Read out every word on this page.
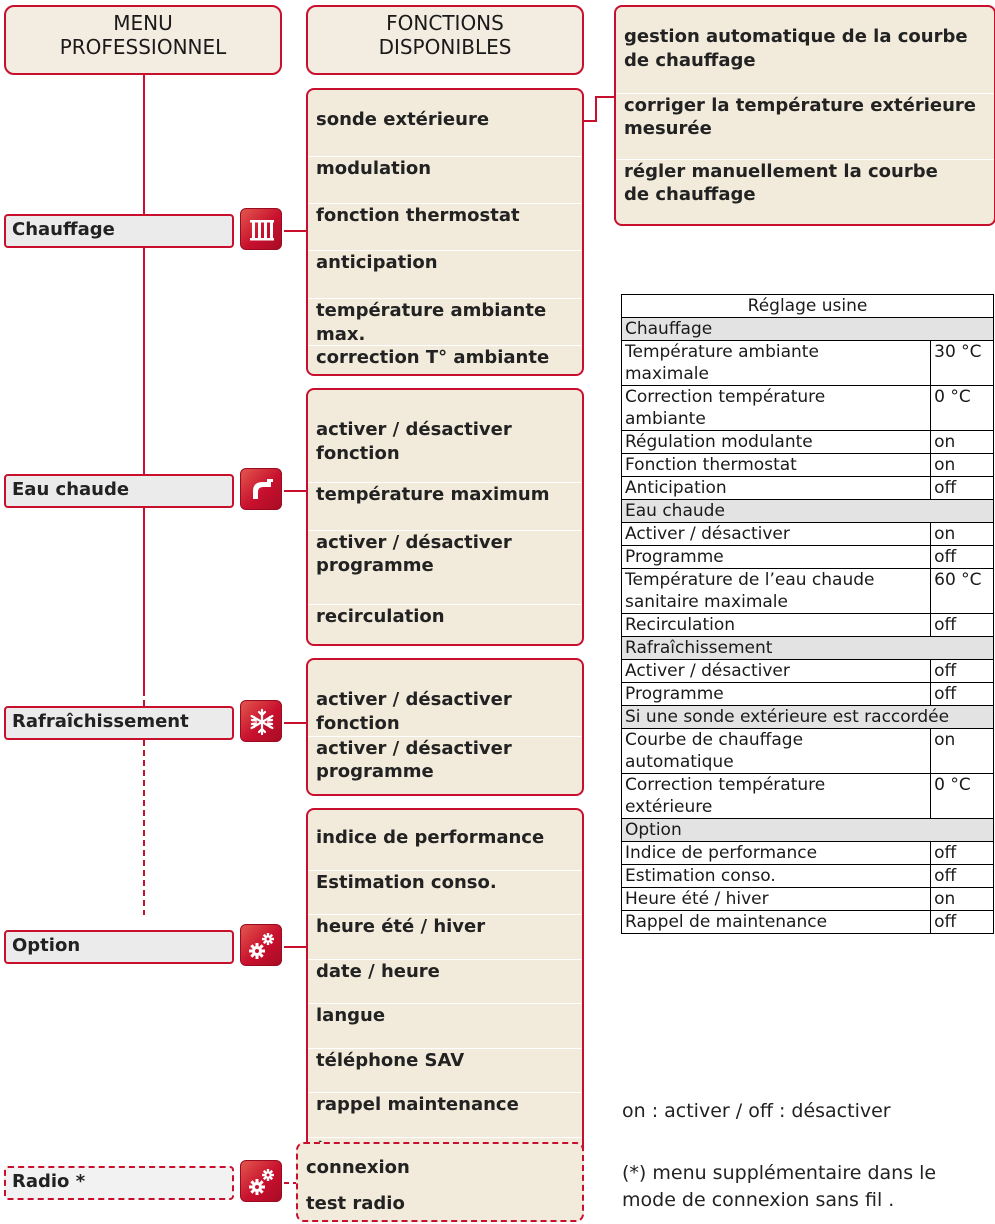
MENU
PROFESSIONNEL
FONCTIONS
DISPONIBLES	gestion automatique de la courbe
de chauffage
corriger la température extérieure
mesurée
régler manuellement la courbe
de chauffage
sonde extérieure
modulation
fonction thermostat
anticipation
température ambiante max.
correction T° ambiante
activer / désactiver fonction
température maximum
activer / désactiver
programme
recirculation
activer / désactiver fonction
activer / désactiver
programme
indice de performance
Estimation conso.
heure été / hiver
date / heure
langue
téléphone SAV
rappel maintenance
connexion
test radio
Chauffage
Eau chaude
Rafraîchissement
Option
Radio *
Réglage usine	
Chauffage	
Température ambiante
maximale	30 °C
Correction température
ambiante	0 °C
Régulation modulante	on
Fonction thermostat	on
Anticipation	off
Eau chaude	
Activer / désactiver	on
Programme	off
Température de l’eau chaude
sanitaire maximale	60 °C
Recirculation	off
Rafraîchissement	
Activer / désactiver	off
Programme	off
Si une sonde extérieure est raccordée	
Courbe de chauffage
automatique	on
Correction température
extérieure	0 °C
Option	
Indice de performance	off
Estimation conso.	off
Heure été / hiver	on
Rappel de maintenance	off
on : activer / off : désactiver
(*) menu supplémentaire dans le
mode de connexion sans fil .
